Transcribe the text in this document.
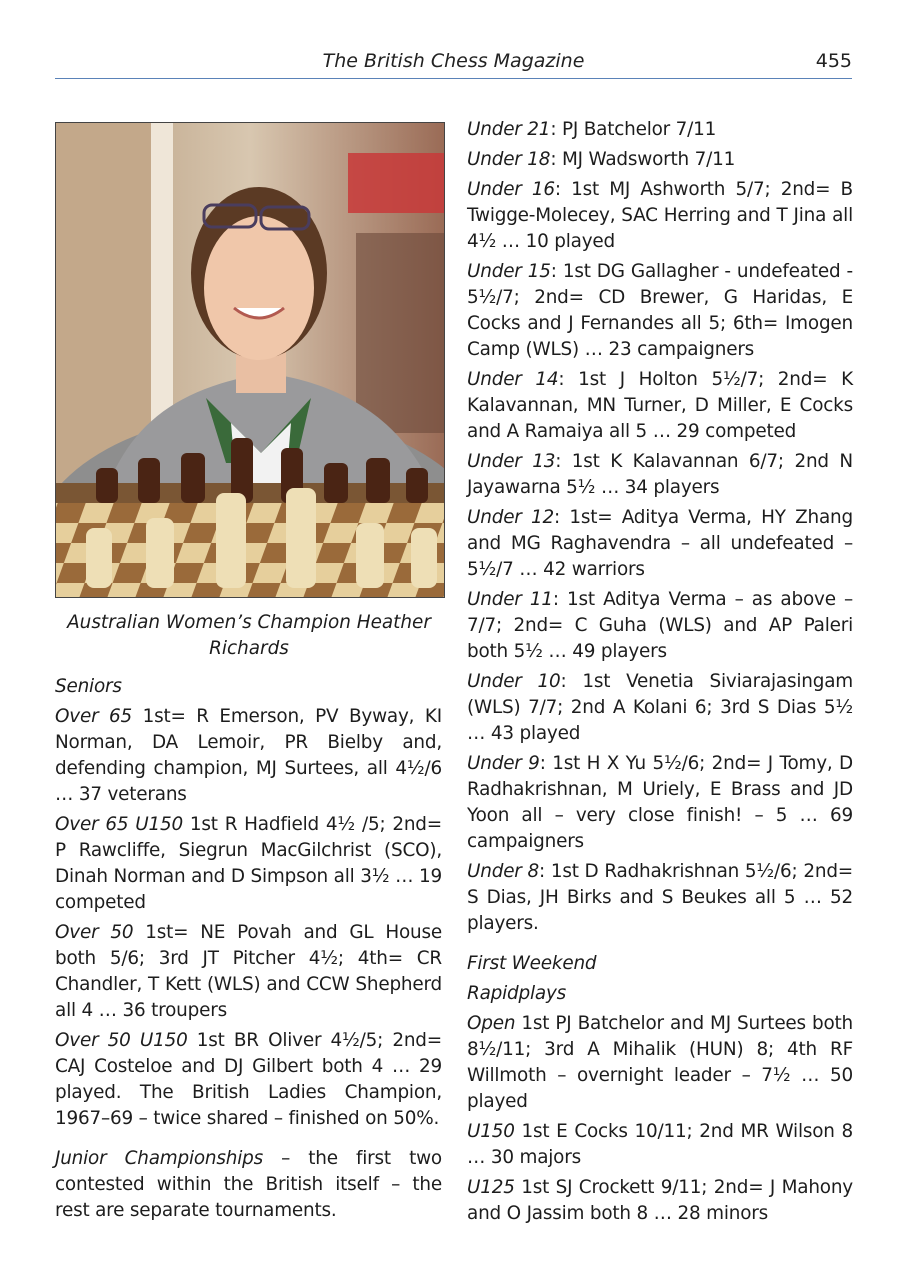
The British Chess Magazine	455
Australian Women’s Champion Heather Richards

Seniors

Over 65 1st= R Emerson, PV Byway, KI Norman, DA Lemoir, PR Bielby and, defending champion, MJ Surtees, all 4½/6 … 37 veterans

Over 65 U150 1st R Hadfield 4½ /5; 2nd= P Rawcliffe, Siegrun MacGilchrist (SCO), Dinah Norman and D Simpson all 3½ … 19 competed

Over 50 1st= NE Povah and GL House both 5/6; 3rd JT Pitcher 4½; 4th= CR Chandler, T Kett (WLS) and CCW Shepherd all 4 … 36 troupers

Over 50 U150 1st BR Oliver 4½/5; 2nd= CAJ Costeloe and DJ Gilbert both 4 … 29 played. The British Ladies Champion, 1967–69 – twice shared – finished on 50%.

Junior Championships – the first two contested within the British itself – the rest are separate tournaments.

Under 21: PJ Batchelor 7/11

Under 18: MJ Wadsworth 7/11

Under 16: 1st MJ Ashworth 5/7; 2nd= B Twigge-Molecey, SAC Herring and T Jina all 4½ … 10 played

Under 15: 1st DG Gallagher - undefeated - 5½/7; 2nd= CD Brewer, G Haridas, E Cocks and J Fernandes all 5; 6th= Imogen Camp (WLS) … 23 campaigners

Under 14: 1st J Holton 5½/7; 2nd= K Kalavannan, MN Turner, D Miller, E Cocks and A Ramaiya all 5 … 29 competed

Under 13: 1st K Kalavannan 6/7; 2nd N Jayawarna 5½ … 34 players

Under 12: 1st= Aditya Verma, HY Zhang and MG Raghavendra – all undefeated – 5½/7 … 42 warriors

Under 11: 1st Aditya Verma – as above – 7/7; 2nd= C Guha (WLS) and AP Paleri both 5½ … 49 players

Under 10: 1st Venetia Siviarajasingam (WLS) 7/7; 2nd A Kolani 6; 3rd S Dias 5½ … 43 played

Under 9: 1st H X Yu 5½/6; 2nd= J Tomy, D Radhakrishnan, M Uriely, E Brass and JD Yoon all – very close finish! – 5 … 69 campaigners

Under 8: 1st D Radhakrishnan 5½/6; 2nd= S Dias, JH Birks and S Beukes all 5 … 52 players.

First Weekend

Rapidplays

Open 1st PJ Batchelor and MJ Surtees both 8½/11; 3rd A Mihalik (HUN) 8; 4th RF Willmoth – overnight leader – 7½ … 50 played

U150 1st E Cocks 10/11; 2nd MR Wilson 8 … 30 majors

U125 1st SJ Crockett 9/11; 2nd= J Mahony and O Jassim both 8 … 28 minors
